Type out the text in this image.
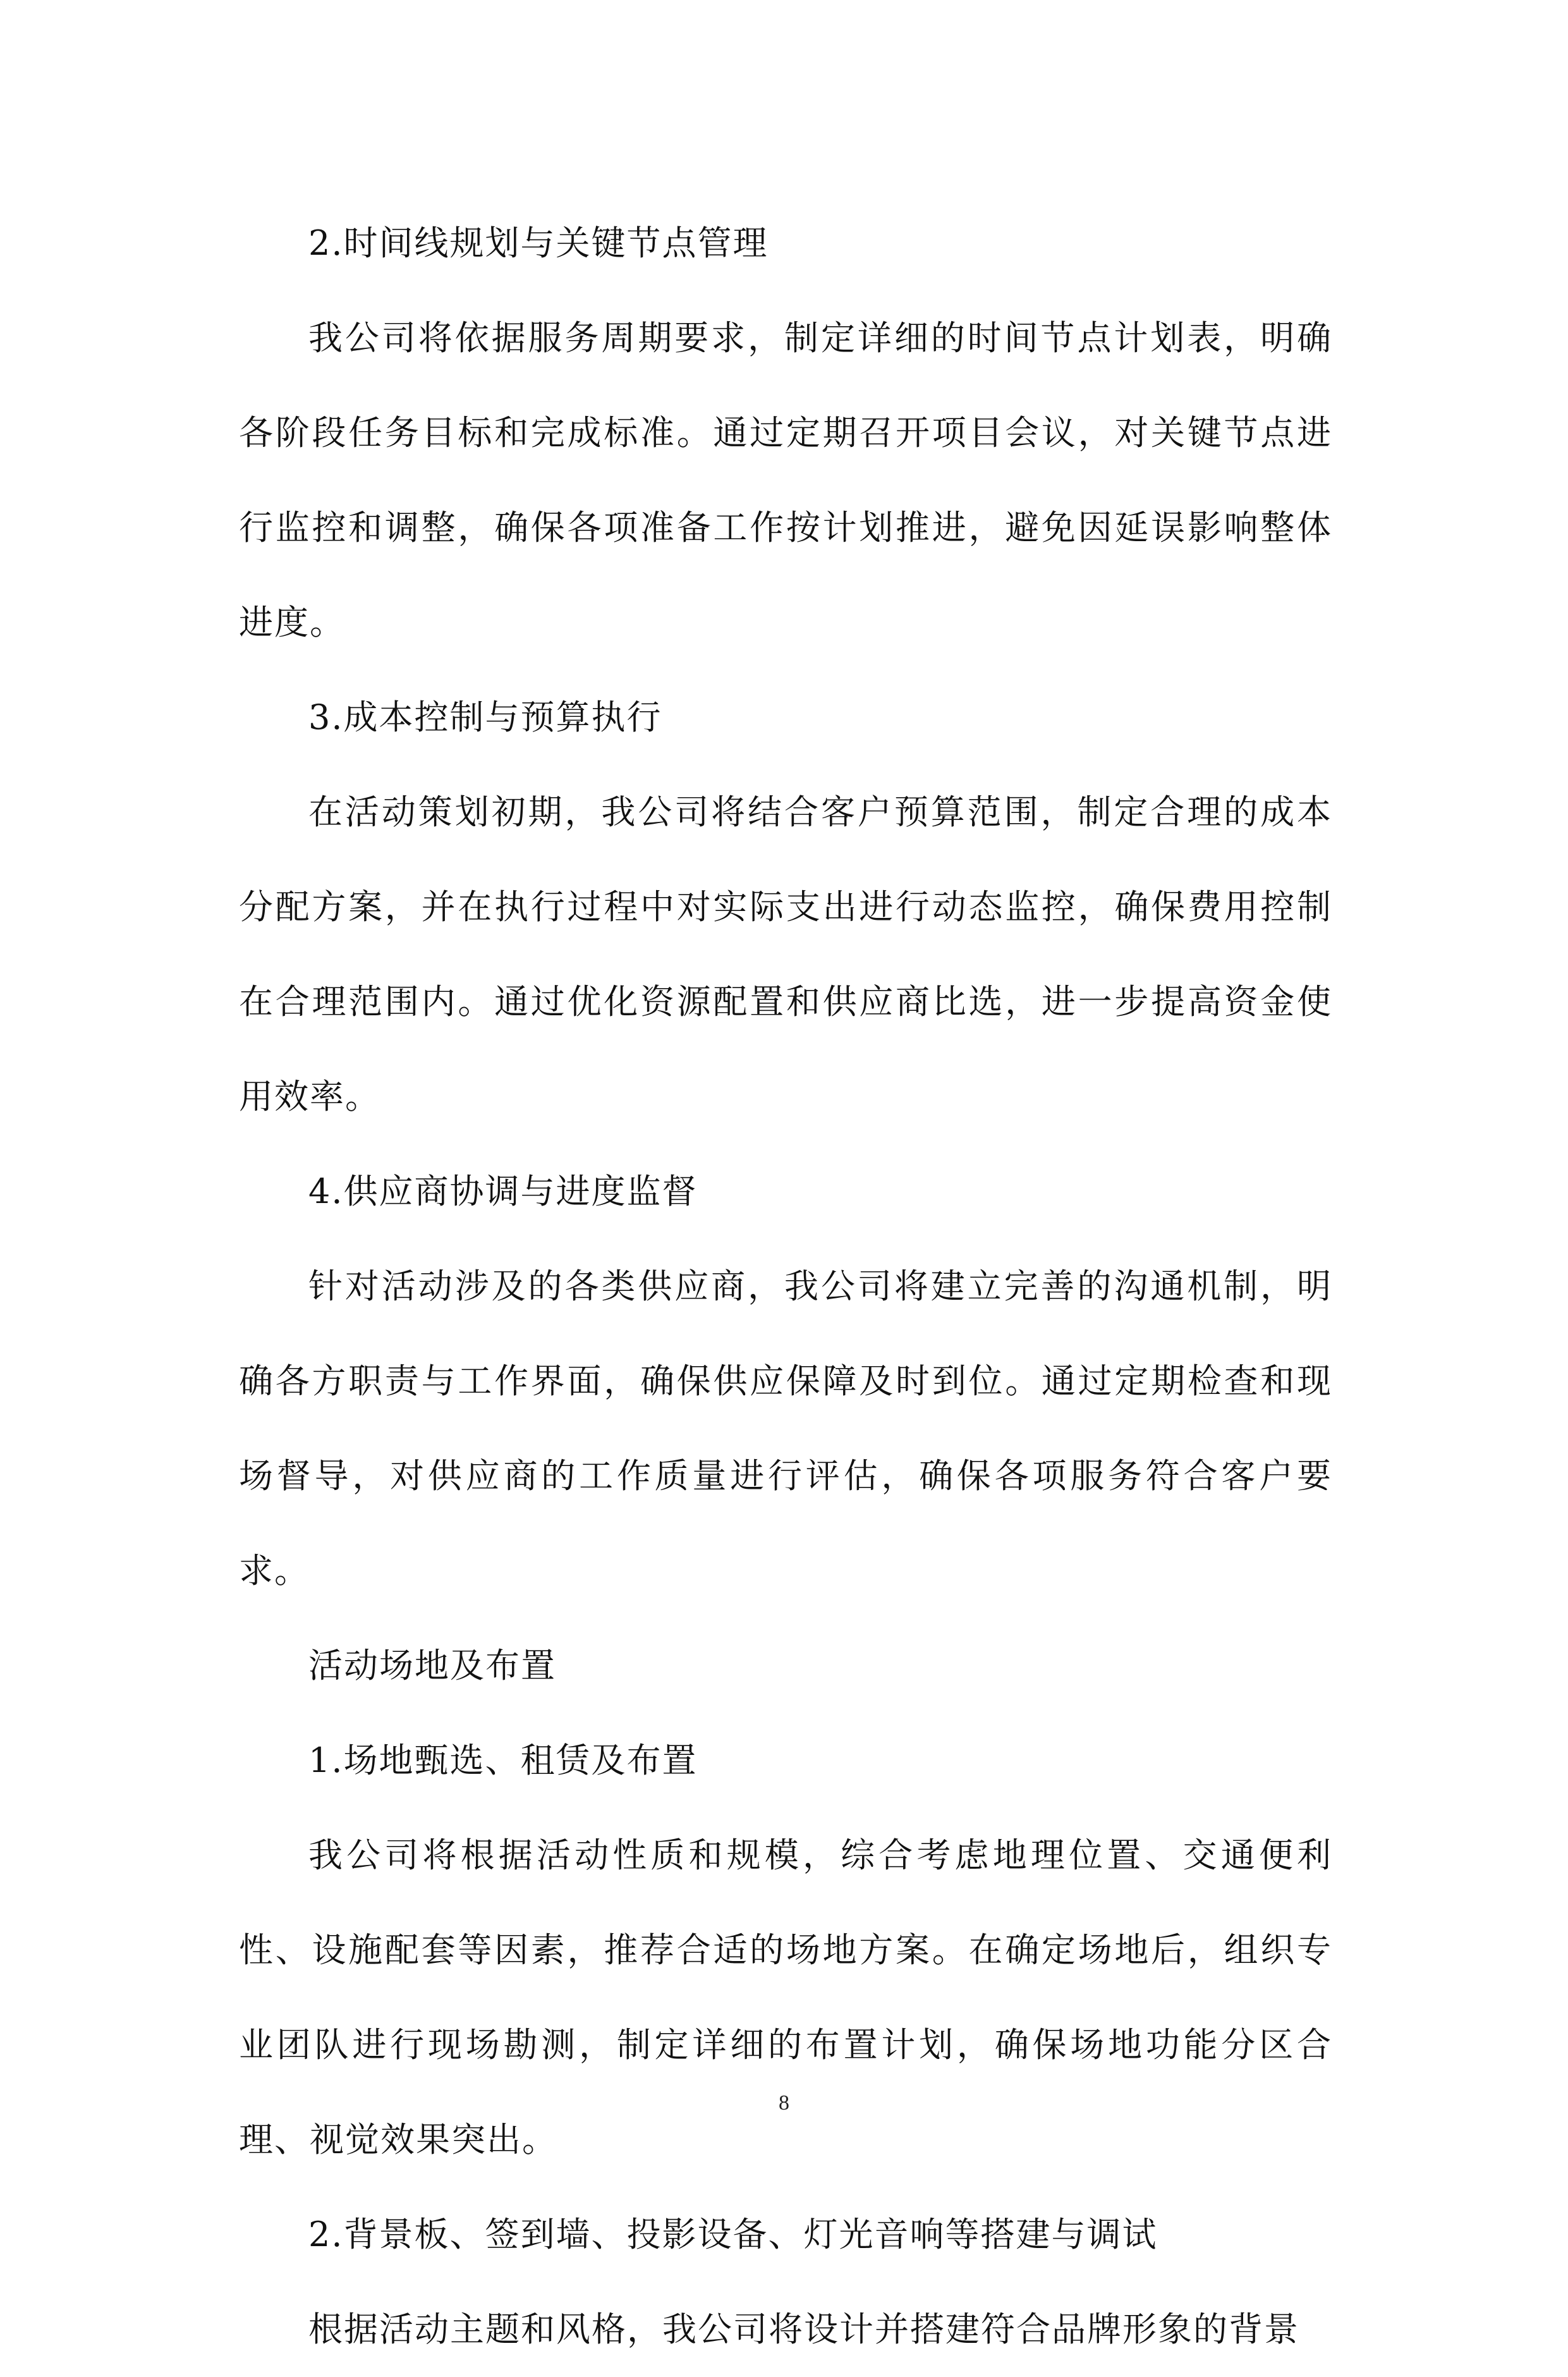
2.时间线规划与关键节点管理

我公司将依据服务周期要求，制定详细的时间节点计划表，明确各阶段任务目标和完成标准。通过定期召开项目会议，对关键节点进行监控和调整，确保各项准备工作按计划推进，避免因延误影响整体进度。

3.成本控制与预算执行

在活动策划初期，我公司将结合客户预算范围，制定合理的成本分配方案，并在执行过程中对实际支出进行动态监控，确保费用控制在合理范围内。通过优化资源配置和供应商比选，进一步提高资金使用效率。

4.供应商协调与进度监督

针对活动涉及的各类供应商，我公司将建立完善的沟通机制，明确各方职责与工作界面，确保供应保障及时到位。通过定期检查和现场督导，对供应商的工作质量进行评估，确保各项服务符合客户要求。

活动场地及布置

1.场地甄选、租赁及布置

我公司将根据活动性质和规模，综合考虑地理位置、交通便利性、设施配套等因素，推荐合适的场地方案。在确定场地后，组织专业团队进行现场勘测，制定详细的布置计划，确保场地功能分区合理、视觉效果突出。

2.背景板、签到墙、投影设备、灯光音响等搭建与调试

根据活动主题和风格，我公司将设计并搭建符合品牌形象的背景

8
